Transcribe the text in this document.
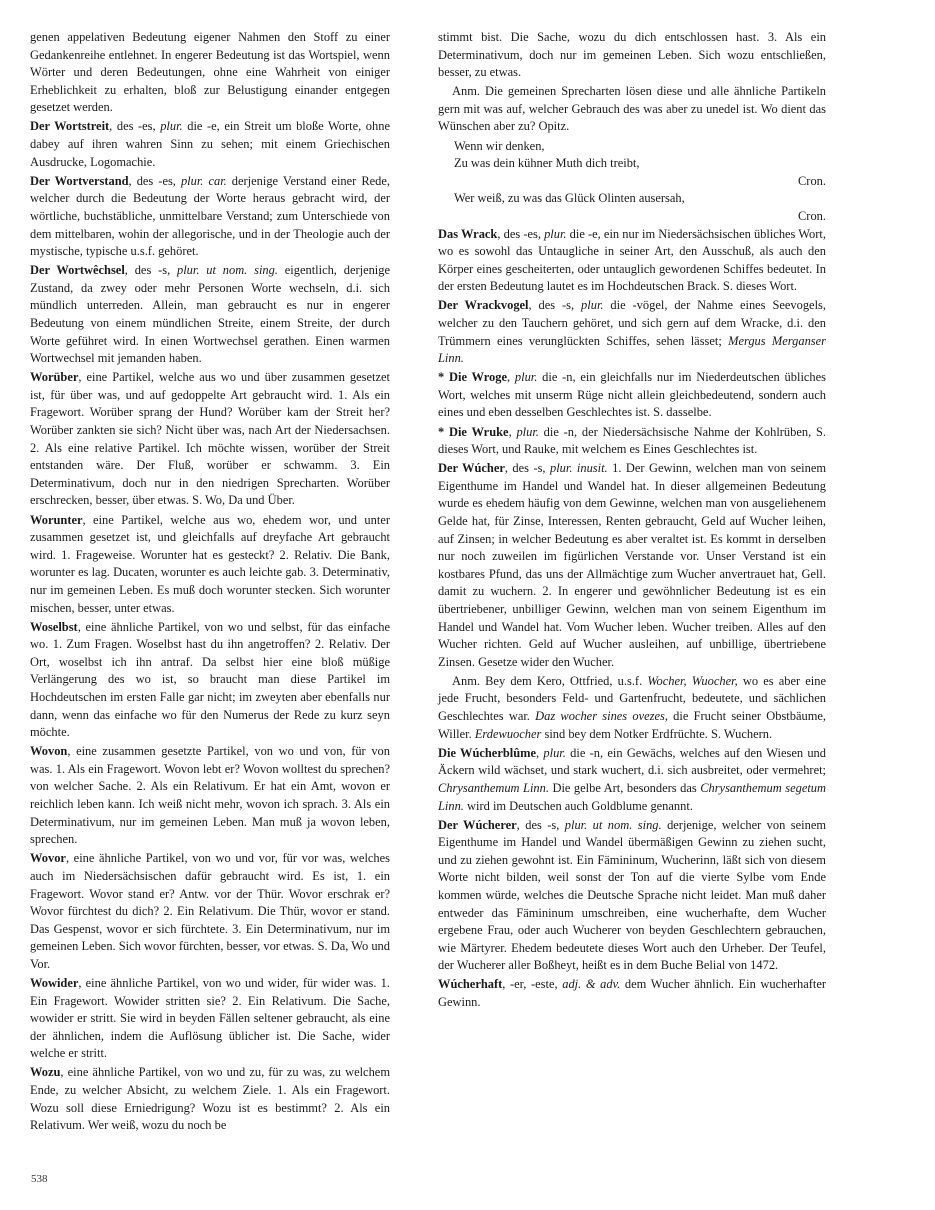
genen appelativen Bedeutung eigener Nahmen den Stoff zu einer Gedankenreihe entlehnet. In engerer Bedeutung ist das Wortspiel, wenn Wörter und deren Bedeutungen, ohne eine Wahrheit von einiger Erheblichkeit zu erhalten, bloß zur Belustigung einander entgegen gesetzet werden.

Der Wortstreit, des -es, plur. die -e, ein Streit um bloße Worte, ohne dabey auf ihren wahren Sinn zu sehen; mit einem Griechischen Ausdrucke, Logomachie.

Der Wortverstand, des -es, plur. car. derjenige Verstand einer Rede, welcher durch die Bedeutung der Worte heraus gebracht wird, der wörtliche, buchstäbliche, unmittelbare Verstand; zum Unterschiede von dem mittelbaren, wohin der allegorische, und in der Theologie auch der mystische, typische u.s.f. gehöret.

Der Wortwêchsel, des -s, plur. ut nom. sing. eigentlich, derjenige Zustand, da zwey oder mehr Personen Worte wechseln, d.i. sich mündlich unterreden. Allein, man gebraucht es nur in engerer Bedeutung von einem mündlichen Streite, einem Streite, der durch Worte geführet wird. In einen Wortwechsel gerathen. Einen warmen Wortwechsel mit jemanden haben.

Worüber, eine Partikel, welche aus wo und über zusammen gesetzet ist, für über was, und auf gedoppelte Art gebraucht wird. 1. Als ein Fragewort. Worüber sprang der Hund? Worüber kam der Streit her? Worüber zankten sie sich? Nicht über was, nach Art der Niedersachsen. 2. Als eine relative Partikel. Ich möchte wissen, worüber der Streit entstanden wäre. Der Fluß, worüber er schwamm. 3. Ein Determinativum, doch nur in den niedrigen Sprecharten. Worüber erschrecken, besser, über etwas. S. Wo, Da und Über.

Worunter, eine Partikel, welche aus wo, ehedem wor, und unter zusammen gesetzet ist, und gleichfalls auf dreyfache Art gebraucht wird. 1. Frageweise. Worunter hat es gesteckt? 2. Relativ. Die Bank, worunter es lag. Ducaten, worunter es auch leichte gab. 3. Determinativ, nur im gemeinen Leben. Es muß doch worunter stecken. Sich worunter mischen, besser, unter etwas.

Woselbst, eine ähnliche Partikel, von wo und selbst, für das einfache wo. 1. Zum Fragen. Woselbst hast du ihn angetroffen? 2. Relativ. Der Ort, woselbst ich ihn antraf. Da selbst hier eine bloß müßige Verlängerung des wo ist, so braucht man diese Partikel im Hochdeutschen im ersten Falle gar nicht; im zweyten aber ebenfalls nur dann, wenn das einfache wo für den Numerus der Rede zu kurz seyn möchte.

Wovon, eine zusammen gesetzte Partikel, von wo und von, für von was. 1. Als ein Fragewort. Wovon lebt er? Wovon wolltest du sprechen? von welcher Sache. 2. Als ein Relativum. Er hat ein Amt, wovon er reichlich leben kann. Ich weiß nicht mehr, wovon ich sprach. 3. Als ein Determinativum, nur im gemeinen Leben. Man muß ja wovon leben, sprechen.

Wovor, eine ähnliche Partikel, von wo und vor, für vor was, welches auch im Niedersächsischen dafür gebraucht wird. Es ist, 1. ein Fragewort. Wovor stand er? Antw. vor der Thür. Wovor erschrak er? Wovor fürchtest du dich? 2. Ein Relativum. Die Thür, wovor er stand. Das Gespenst, wovor er sich fürchtete. 3. Ein Determinativum, nur im gemeinen Leben. Sich wovor fürchten, besser, vor etwas. S. Da, Wo und Vor.

Wowider, eine ähnliche Partikel, von wo und wider, für wider was. 1. Ein Fragewort. Wowider stritten sie? 2. Ein Relativum. Die Sache, wowider er stritt. Sie wird in beyden Fällen seltener gebraucht, als eine der ähnlichen, indem die Auflösung üblicher ist. Die Sache, wider welche er stritt.

Wozu, eine ähnliche Partikel, von wo und zu, für zu was, zu welchem Ende, zu welcher Absicht, zu welchem Ziele. 1. Als ein Fragewort. Wozu soll diese Erniedrigung? Wozu ist es bestimmt? 2. Als ein Relativum. Wer weiß, wozu du noch be

stimmt bist. Die Sache, wozu du dich entschlossen hast. 3. Als ein Determinativum, doch nur im gemeinen Leben. Sich wozu entschließen, besser, zu etwas.

Anm. Die gemeinen Sprecharten lösen diese und alle ähnliche Partikeln gern mit was auf, welcher Gebrauch des was aber zu unedel ist. Wo dient das Wünschen aber zu? Opitz.

Wenn wir denken,

Zu was dein kühner Muth dich treibt,

Cron.

Wer weiß, zu was das Glück Olinten ausersah,

Cron.

Das Wrack, des -es, plur. die -e, ein nur im Niedersächsischen übliches Wort, wo es sowohl das Untaugliche in seiner Art, den Ausschuß, als auch den Körper eines gescheiterten, oder untauglich gewordenen Schiffes bedeutet. In der ersten Bedeutung lautet es im Hochdeutschen Brack. S. dieses Wort.

Der Wrackvogel, des -s, plur. die -vögel, der Nahme eines Seevogels, welcher zu den Tauchern gehöret, und sich gern auf dem Wracke, d.i. den Trümmern eines verunglückten Schiffes, sehen lässet; Mergus Merganser Linn.

* Die Wroge, plur. die -n, ein gleichfalls nur im Niederdeutschen übliches Wort, welches mit unserm Rüge nicht allein gleichbedeutend, sondern auch eines und eben desselben Geschlechtes ist. S. dasselbe.

* Die Wruke, plur. die -n, der Niedersächsische Nahme der Kohlrüben, S. dieses Wort, und Rauke, mit welchem es Eines Geschlechtes ist.

Der Wúcher, des -s, plur. inusit. 1. Der Gewinn, welchen man von seinem Eigenthume im Handel und Wandel hat. In dieser allgemeinen Bedeutung wurde es ehedem häufig von dem Gewinne, welchen man von ausgeliehenem Gelde hat, für Zinse, Interessen, Renten gebraucht, Geld auf Wucher leihen, auf Zinsen; in welcher Bedeutung es aber veraltet ist. Es kommt in derselben nur noch zuweilen im figürlichen Verstande vor. Unser Verstand ist ein kostbares Pfund, das uns der Allmächtige zum Wucher anvertrauet hat, Gell. damit zu wuchern. 2. In engerer und gewöhnlicher Bedeutung ist es ein übertriebener, unbilliger Gewinn, welchen man von seinem Eigenthum im Handel und Wandel hat. Vom Wucher leben. Wucher treiben. Alles auf den Wucher richten. Geld auf Wucher ausleihen, auf unbillige, übertriebene Zinsen. Gesetze wider den Wucher.

Anm. Bey dem Kero, Ottfried, u.s.f. Wocher, Wuocher, wo es aber eine jede Frucht, besonders Feld- und Gartenfrucht, bedeutete, und sächlichen Geschlechtes war. Daz wocher sines ovezes, die Frucht seiner Obstbäume, Willer. Erdewuocher sind bey dem Notker Erdfrüchte. S. Wuchern.

Die Wúcherblûme, plur. die -n, ein Gewächs, welches auf den Wiesen und Äckern wild wächset, und stark wuchert, d.i. sich ausbreitet, oder vermehret; Chrysanthemum Linn. Die gelbe Art, besonders das Chrysanthemum segetum Linn. wird im Deutschen auch Goldblume genannt.

Der Wúcherer, des -s, plur. ut nom. sing. derjenige, welcher von seinem Eigenthume im Handel und Wandel übermäßigen Gewinn zu ziehen sucht, und zu ziehen gewohnt ist. Ein Fämininum, Wucherinn, läßt sich von diesem Worte nicht bilden, weil sonst der Ton auf die vierte Sylbe vom Ende kommen würde, welches die Deutsche Sprache nicht leidet. Man muß daher entweder das Fämininum umschreiben, eine wucherhafte, dem Wucher ergebene Frau, oder auch Wucherer von beyden Geschlechtern gebrauchen, wie Märtyrer. Ehedem bedeutete dieses Wort auch den Urheber. Der Teufel, der Wucherer aller Boßheyt, heißt es in dem Buche Belial von 1472.

Wúcherhaft, -er, -este, adj. & adv. dem Wucher ähnlich. Ein wucherhafter Gewinn.

538
